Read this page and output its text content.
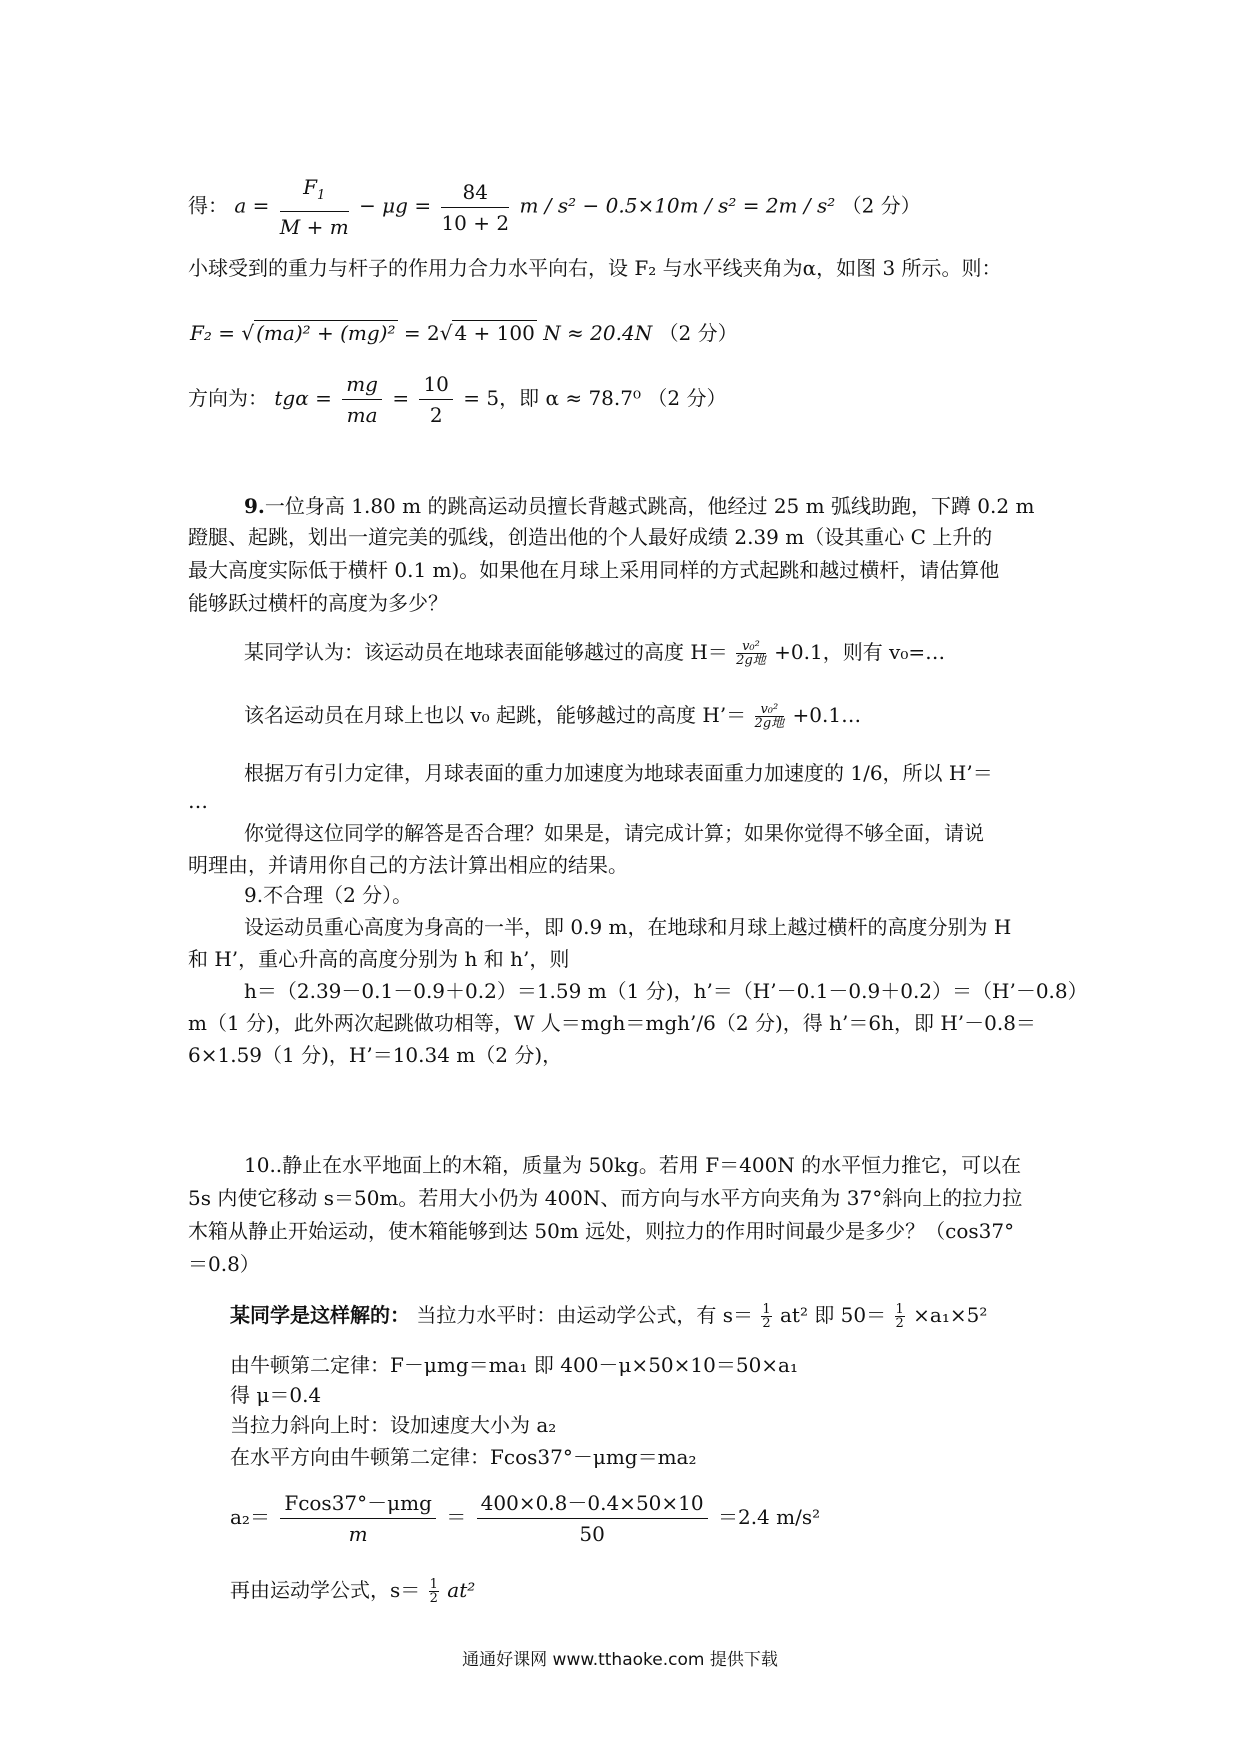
得： $a = \frac{F_1}{M + m} - \mu g = \frac{84}{10 + 2}$ m / s² − 0.5×10m / s² = 2m / s² （2 分）
小球受到的重力与杆子的作用力合力水平向右，设 F₂ 与水平线夹角为α，如图 3 所示。则：
F₂ = √ (ma)² + (mg)² = 2√ 4 + 100 N ≈ 20.4N （2 分）
方向为： $tg\alpha = \frac{mg}{ma} = \frac{10}{2} = 5$，即 α ≈ 78.7⁰ （2 分）
9.一位身高 1.80 m 的跳高运动员擅长背越式跳高，他经过 25 m 弧线助跑，下蹲 0.2 m
蹬腿、起跳，划出一道完美的弧线，创造出他的个人最好成绩 2.39 m（设其重心 C 上升的
最大高度实际低于横杆 0.1 m)。如果他在月球上采用同样的方式起跳和越过横杆，请估算他
能够跃过横杆的高度为多少？
某同学认为：该运动员在地球表面能够越过的高度 H＝	v₀²
2g地 +0.1，则有 v₀=…
该名运动员在月球上也以 v₀ 起跳，能够越过的高度 H’＝	v₀²
2g地 +0.1…
根据万有引力定律，月球表面的重力加速度为地球表面重力加速度的 1/6，所以 H’＝
…
你觉得这位同学的解答是否合理？如果是，请完成计算；如果你觉得不够全面，请说
明理由，并请用你自己的方法计算出相应的结果。
9.不合理（2 分）。
设运动员重心高度为身高的一半，即 0.9 m，在地球和月球上越过横杆的高度分别为 H
和 H’，重心升高的高度分别为 h 和 h’，则
h＝（2.39－0.1－0.9＋0.2）＝1.59 m（1 分)，h’＝（H’－0.1－0.9＋0.2）＝（H’－0.8）
m（1 分)，此外两次起跳做功相等，W 人＝mgh＝mgh’/6（2 分)，得 h’＝6h，即 H’－0.8＝
6×1.59（1 分)，H’＝10.34 m（2 分)，
10..静止在水平地面上的木箱，质量为 50kg。若用 F＝400N 的水平恒力推它，可以在
5s 内使它移动 s＝50m。若用大小仍为 400N、而方向与水平方向夹角为 37°斜向上的拉力拉
木箱从静止开始运动，使木箱能够到达 50m 远处，则拉力的作用时间最少是多少？（cos37°
＝0.8）
某同学是这样解的： 当拉力水平时：由运动学公式，有 $s= \frac{1}{2} at^2$ 即 $50= \frac{1}{2} \times a_1\times 5^2$
由牛顿第二定律：F－μmg＝ma₁ 即 400－μ×50×10＝50×a₁
得 μ＝0.4
当拉力斜向上时：设加速度大小为 a₂
在水平方向由牛顿第二定律：Fcos37°－μmg＝ma₂
$a_2= \frac{\text{Fcos37°－μmg}}{m} = \frac{400\times 0.8-0.4\times 50\times 10}{50} =2.4$ m/s²
再由运动学公式，$s= \frac{1}{2} at^2$
通通好课网 www.tthaoke.com 提供下载
